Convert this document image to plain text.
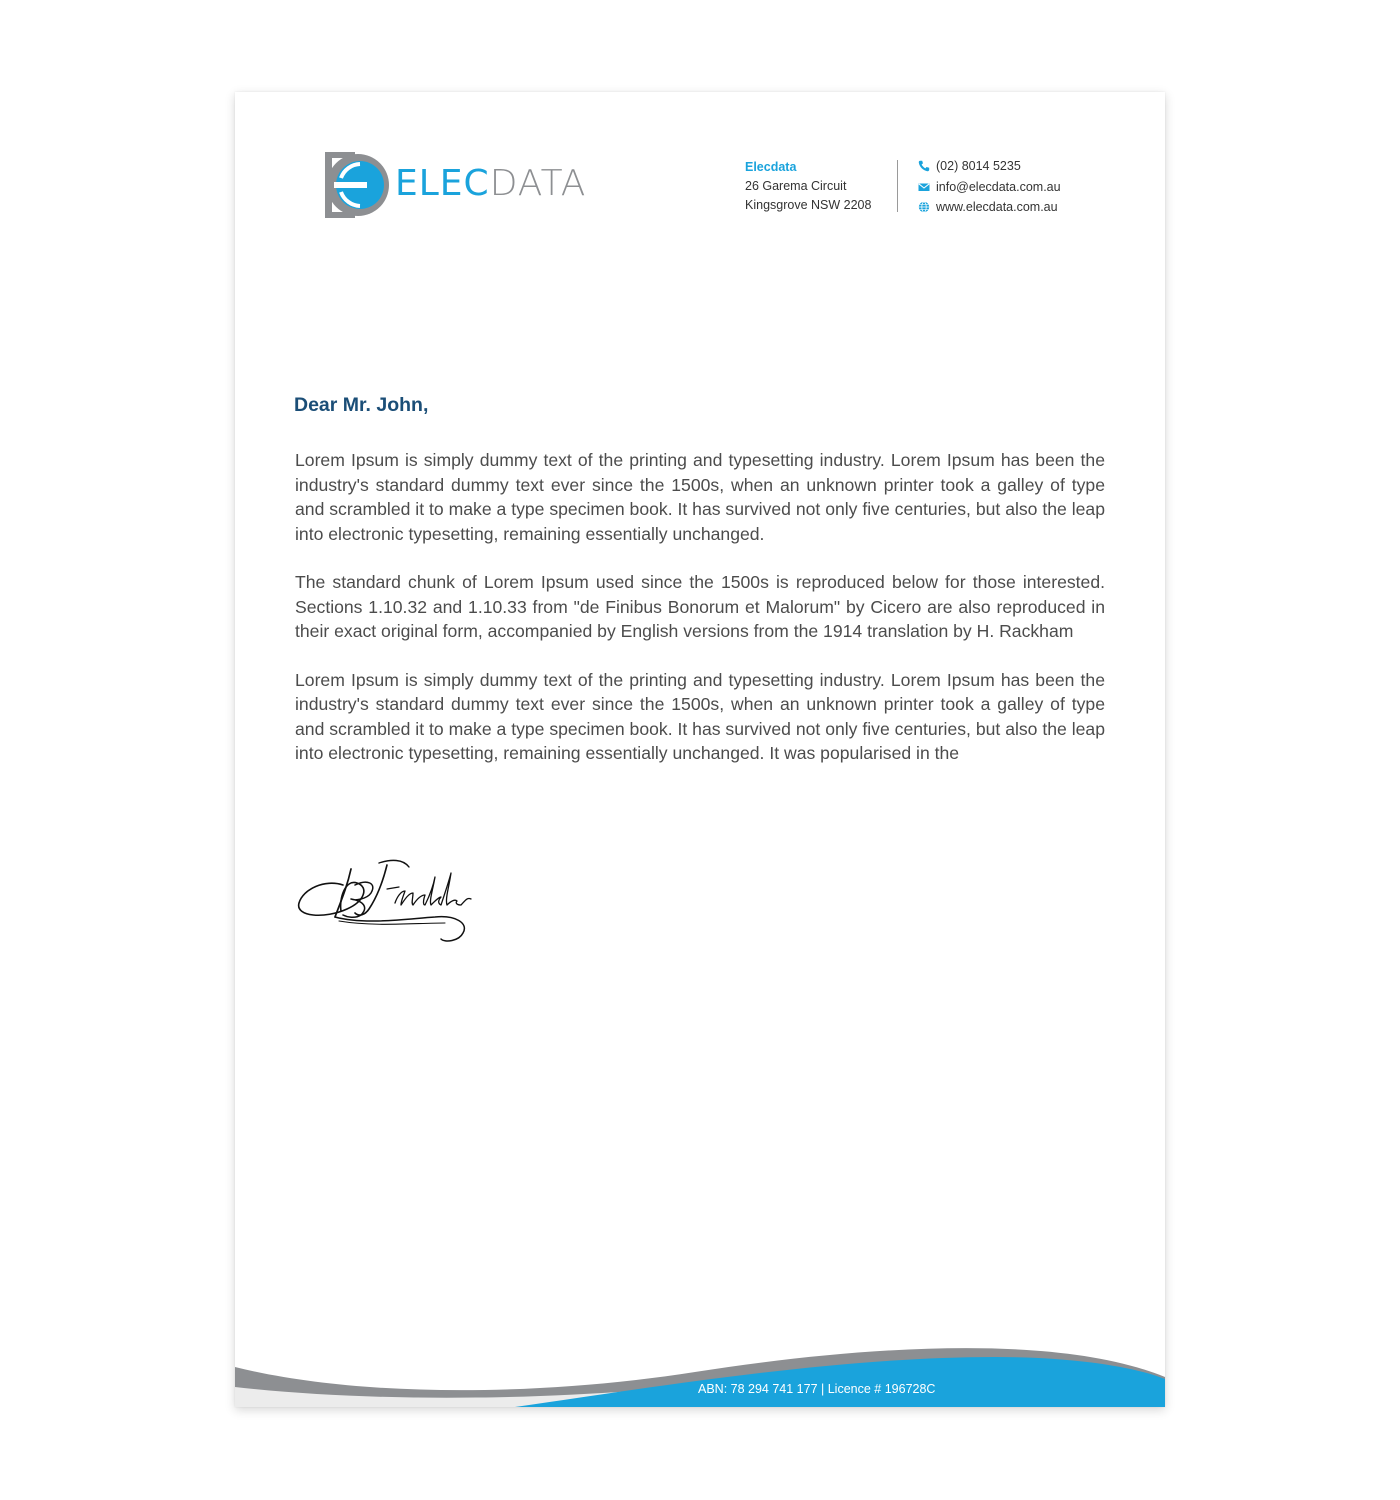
ELECDATA	Elecdata
26 Garema Circuit
Kingsgrove NSW 2208
(02) 8014 5235
info@elecdata.com.au
www.elecdata.com.au
Dear Mr. John,

Lorem Ipsum is simply dummy text of the printing and typesetting industry. Lorem Ipsum has been the industry's standard dummy text ever since the 1500s, when an unknown printer took a galley of type and scrambled it to make a type specimen book. It has survived not only five centuries, but also the leap into electronic typesetting, remaining essentially unchanged.

The standard chunk of Lorem Ipsum used since the 1500s is reproduced below for those interested. Sections 1.10.32 and 1.10.33 from "de Finibus Bonorum et Malorum" by Cicero are also reproduced in their exact original form, accompanied by English versions from the 1914 translation by H. Rackham

Lorem Ipsum is simply dummy text of the printing and typesetting industry. Lorem Ipsum has been the industry's standard dummy text ever since the 1500s, when an unknown printer took a galley of type and scrambled it to make a type specimen book. It has survived not only five centuries, but also the leap into electronic typesetting, remaining essentially unchanged. It was popularised in the

ABN: 78 294 741 177 | Licence # 196728C
